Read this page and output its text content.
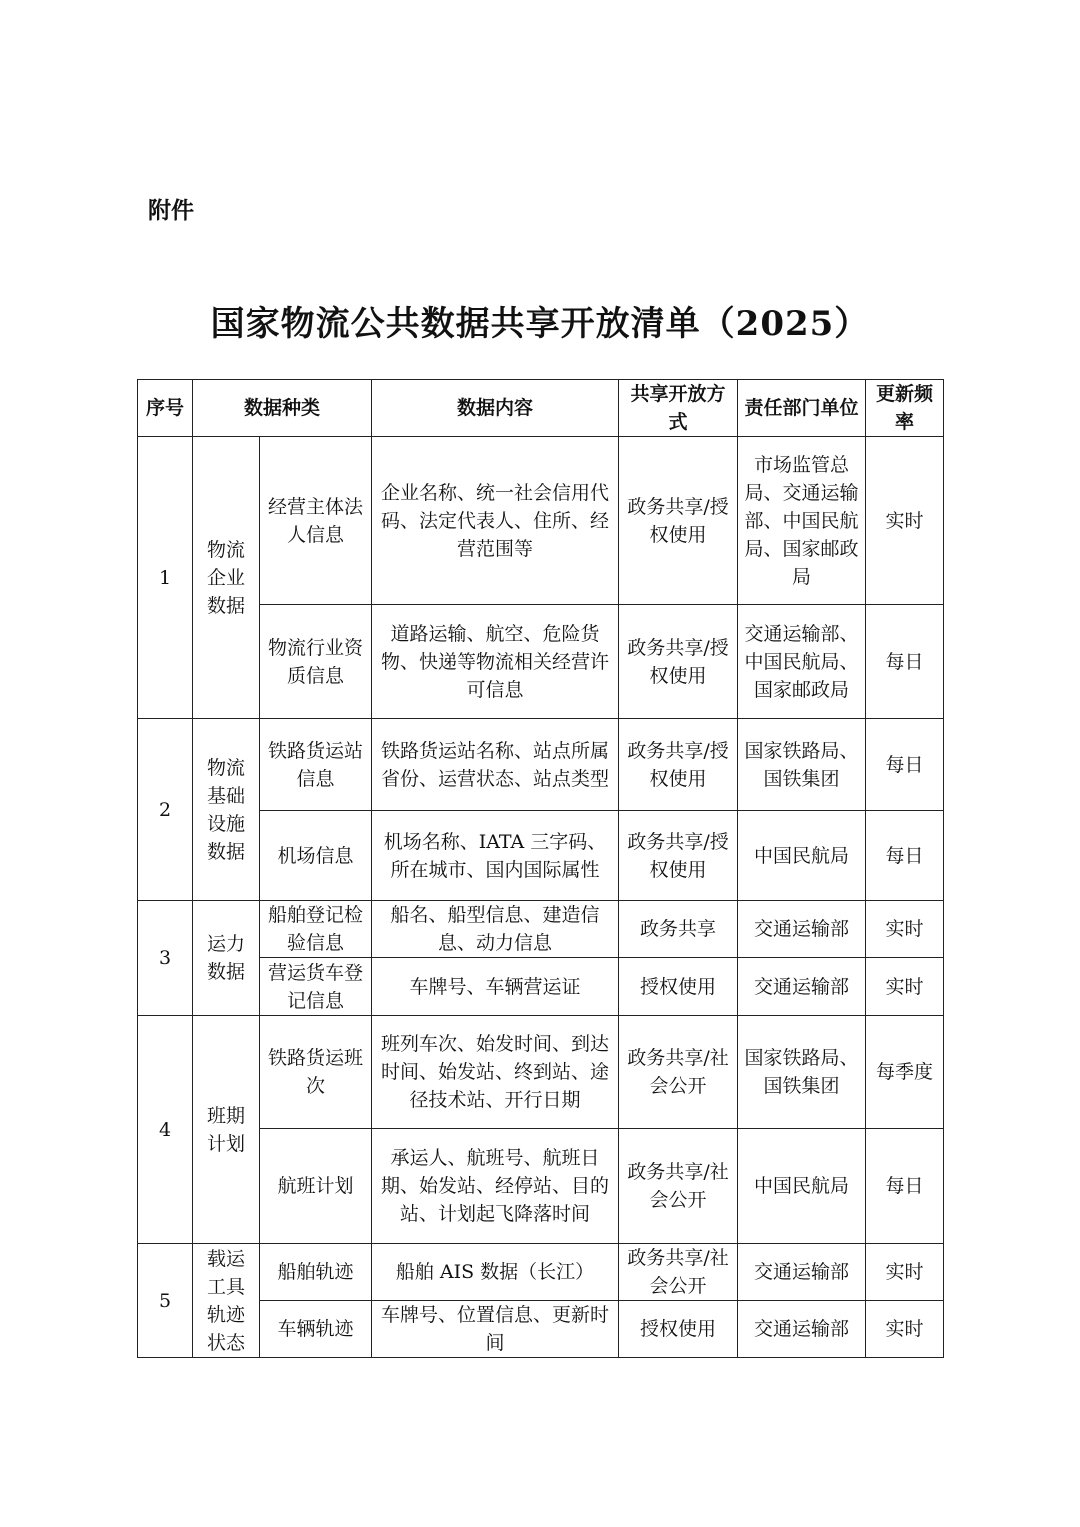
附件
国家物流公共数据共享开放清单（2025）
序号	数据种类		数据内容	共享开放方式	责任部门单位	更新频率
1	物流企业数据	经营主体法人信息	企业名称、统一社会信用代码、法定代表人、住所、经营范围等	政务共享/授权使用	市场监管总局、交通运输部、中国民航局、国家邮政局	实时
		物流行业资质信息	道路运输、航空、危险货物、快递等物流相关经营许可信息	政务共享/授权使用	交通运输部、中国民航局、国家邮政局	每日
2	物流基础设施数据	铁路货运站信息	铁路货运站名称、站点所属省份、运营状态、站点类型	政务共享/授权使用	国家铁路局、国铁集团	每日
		机场信息	机场名称、IATA 三字码、所在城市、国内国际属性	政务共享/授权使用	中国民航局	每日
3	运力数据	船舶登记检验信息	船名、船型信息、建造信息、动力信息	政务共享	交通运输部	实时
		营运货车登记信息	车牌号、车辆营运证	授权使用	交通运输部	实时
4	班期计划	铁路货运班次	班列车次、始发时间、到达时间、始发站、终到站、途径技术站、开行日期	政务共享/社会公开	国家铁路局、国铁集团	每季度
		航班计划	承运人、航班号、航班日期、始发站、经停站、目的站、计划起飞降落时间	政务共享/社会公开	中国民航局	每日
5	载运工具轨迹状态	船舶轨迹	船舶 AIS 数据（长江）	政务共享/社会公开	交通运输部	实时
		车辆轨迹	车牌号、位置信息、更新时间	授权使用	交通运输部	实时
